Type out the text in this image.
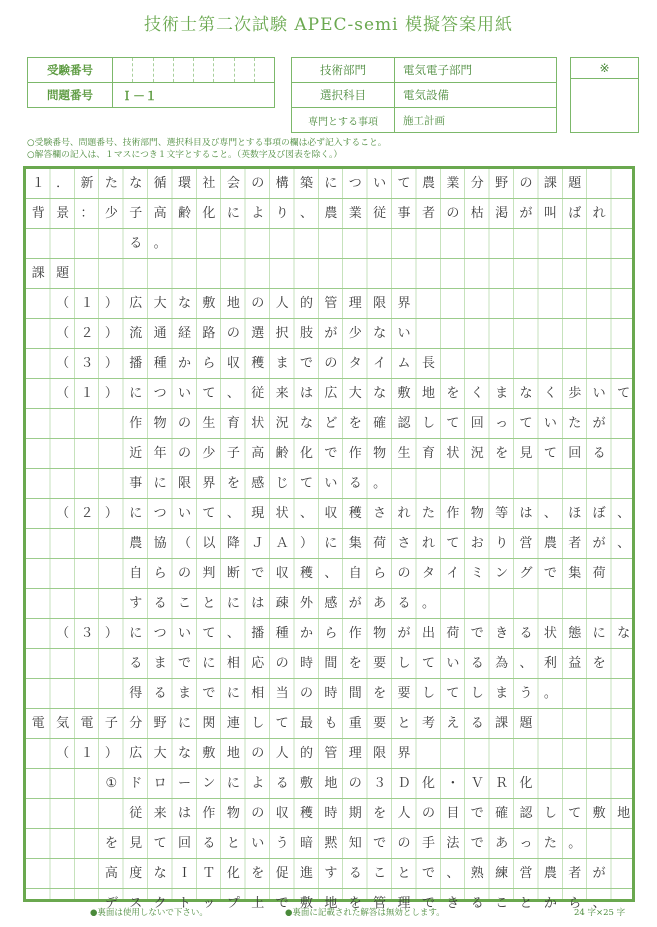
技術士第二次試験 APEC-semi 模擬答案用紙
受験番号	

問題番号	Ｉ－１
技術部門	電気電子部門
選択科目	電気設備
専門とする事項	施工計画
※
○受験番号、問題番号、技術部門、選択科目及び専門とする事項の欄は必ず記入すること。
○解答欄の記入は、１マスにつき１文字とすること。（英数字及び図表を除く。）
１ ． 新 た な 循 環 社 会 の 構 築 に つ い て 農 業 分 野 の 課 題
背 景 ： 少 子 高 齢 化 に よ り 、 農 業 従 事 者 の 枯 渇 が 叫 ば れ
る 。
課 題
（ １ ） 広 大 な 敷 地 の 人 的 管 理 限 界
（ ２ ） 流 通 経 路 の 選 択 肢 が 少 な い
（ ３ ） 播 種 か ら 収 穫 ま で の タ イ ム 長
（ １ ） に つ い て 、 従 来 は 広 大 な 敷 地 を く ま な く 歩 い て
作 物 の 生 育 状 況 な ど を 確 認 し て 回 っ て い た が
近 年 の 少 子 高 齢 化 で 作 物 生 育 状 況 を 見 て 回 る
事 に 限 界 を 感 じ て い る 。
（ ２ ） に つ い て 、 現 状 、 収 穫 さ れ た 作 物 等 は 、 ほ ぼ 、
農 協 （ 以 降 Ｊ Ａ ） に 集 荷 さ れ て お り 営 農 者 が 、
自 ら の 判 断 で 収 穫 、 自 ら の タ イ ミ ン グ で 集 荷
す る こ と に は 疎 外 感 が あ る 。
（ ３ ） に つ い て 、 播 種 か ら 作 物 が 出 荷 で き る 状 態 に な
る ま で に 相 応 の 時 間 を 要 し て い る 為 、 利 益 を
得 る ま で に 相 当 の 時 間 を 要 し て し ま う 。
電 気 電 子 分 野 に 関 連 し て 最 も 重 要 と 考 え る 課 題
（ １ ） 広 大 な 敷 地 の 人 的 管 理 限 界
① ド ロ ー ン に よ る 敷 地 の ３ Ｄ 化 ・ Ｖ Ｒ 化
従 来 は 作 物 の 収 穫 時 期 を 人 の 目 で 確 認 し て 敷 地
を 見 て 回 る と い う 暗 黙 知 で の 手 法 で あ っ た 。
高 度 な Ｉ Ｔ 化 を 促 進 す る こ と で 、 熟 練 営 農 者 が
デ ス ク ト ッ プ 上 で 敷 地 を 管 理 で き る こ と か ら 、
●裏面は使用しないで下さい。	●裏面に記載された解答は無効とします。	24 字×25 字
